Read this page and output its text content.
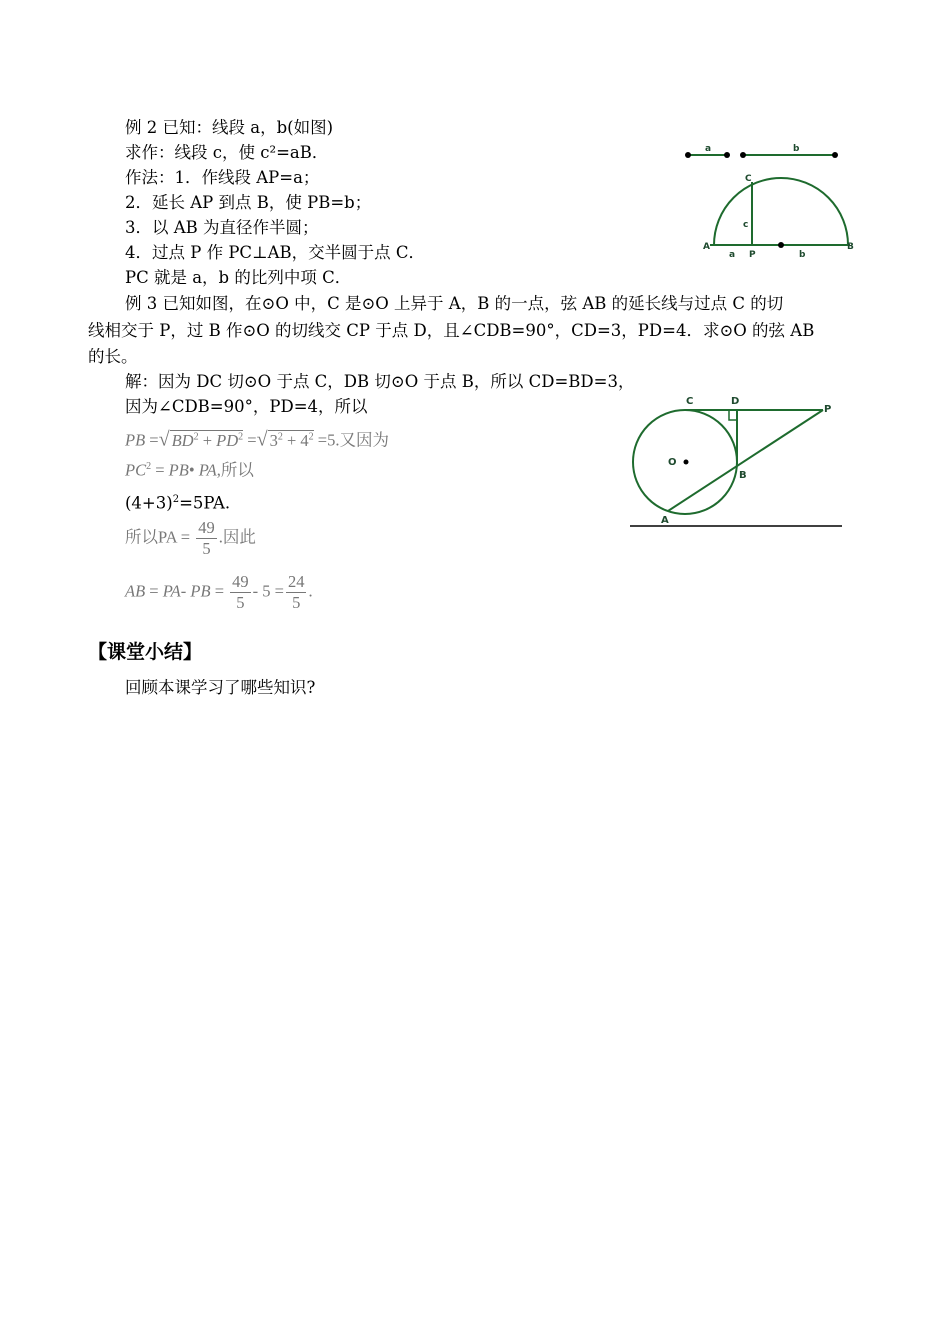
例 2 已知：线段 a，b(如图)
求作：线段 c，使 c²=aB．
作法：1．作线段 AP=a；
2．延长 AP 到点 B，使 PB=b；
3．以 AB 为直径作半圆；
4．过点 P 作 PC⊥AB，交半圆于点 C．
PC 就是 a，b 的比列中项 C．
a	b
A	B
C
P
a	b
c
例 3 已知如图，在⊙O 中，C 是⊙O 上异于 A，B 的一点，弦 AB 的延长线与过点 C 的切
线相交于 P，过 B 作⊙O 的切线交 CP 于点 D，且∠CDB=90°，CD=3，PD=4．求⊙O 的弦 AB
的长。
解：因为 DC 切⊙O 于点 C，DB 切⊙O 于点 B，所以 CD=BD=3，
因为∠CDB=90°，PD=4，所以
PB =√ $BD^2 + PD^2$ =√ $3^2 + 4^2 =5$.又因为
$PC^2$ = PB• PA,所以
$(4+3)^2=5PA$.
所以PA = $\frac{49}{5}$ .因此
AB = PA- PB = $\frac{49}{5} - 5 = \frac{24}{5}$ .
C	D
P
O
B
A
【课堂小结】
回顾本课学习了哪些知识?
